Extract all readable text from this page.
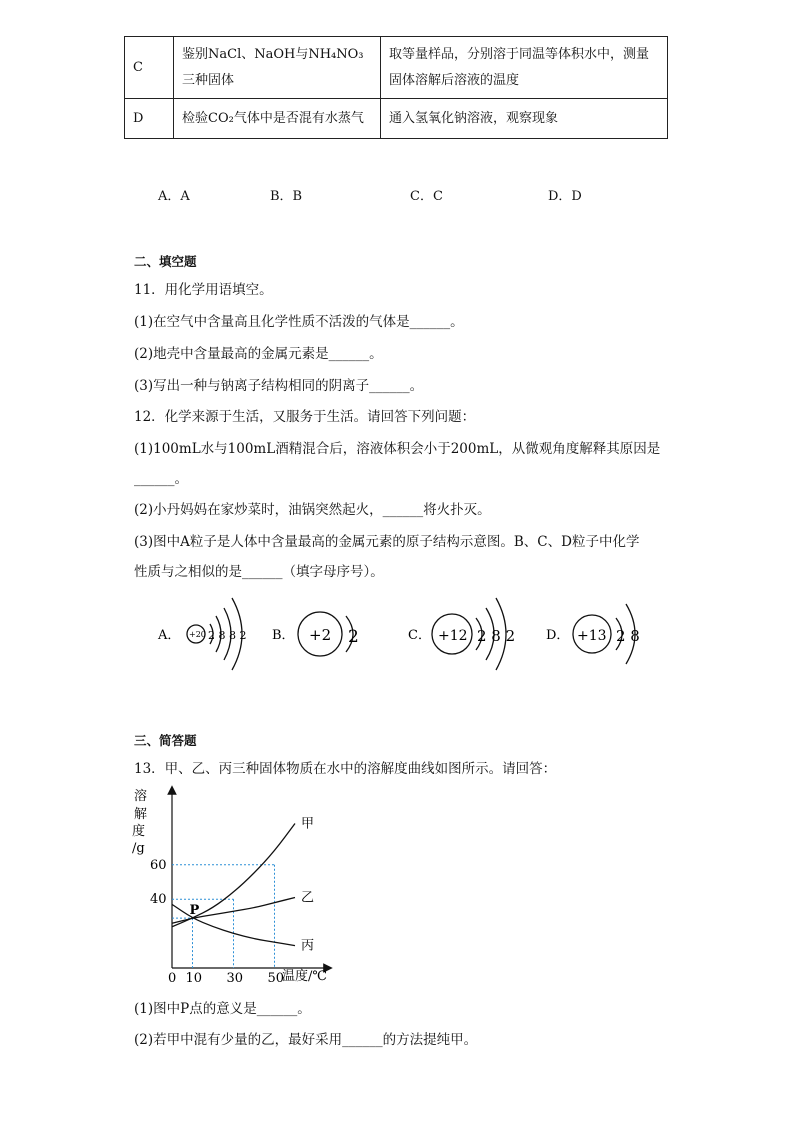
C	鉴别NaCl、NaOH与NH₄NO₃三种固体	取等量样品，分别溶于同温等体积水中，测量固体溶解后溶液的温度
D	检验CO₂气体中是否混有水蒸气	通入氢氧化钠溶液，观察现象
A．A	B．B	C．C	D．D
二、填空题
11．用化学用语填空。
(1)在空气中含量高且化学性质不活泼的气体是______。
(2)地壳中含量最高的金属元素是______。
(3)写出一种与钠离子结构相同的阴离子______。
12．化学来源于生活，又服务于生活。请回答下列问题：
(1)100mL水与100mL酒精混合后，溶液体积会小于200mL，从微观角度解释其原因是
______。
(2)小丹妈妈在家炒菜时，油锅突然起火，______将火扑灭。
(3)图中A粒子是人体中含量最高的金属元素的原子结构示意图。B、C、D粒子中化学
性质与之相似的是______（填字母序号）。
A． +20 2 8 8 2 B． +2 2	C． +12 2 8 2 D． +13 2 8
三、简答题
13．甲、乙、丙三种固体物质在水中的溶解度曲线如图所示。请回答：
甲
乙
丙
0 10 30 50
40
60
P
溶
解
度
/g
温度/℃
(1)图中P点的意义是______。
(2)若甲中混有少量的乙，最好采用______的方法提纯甲。
